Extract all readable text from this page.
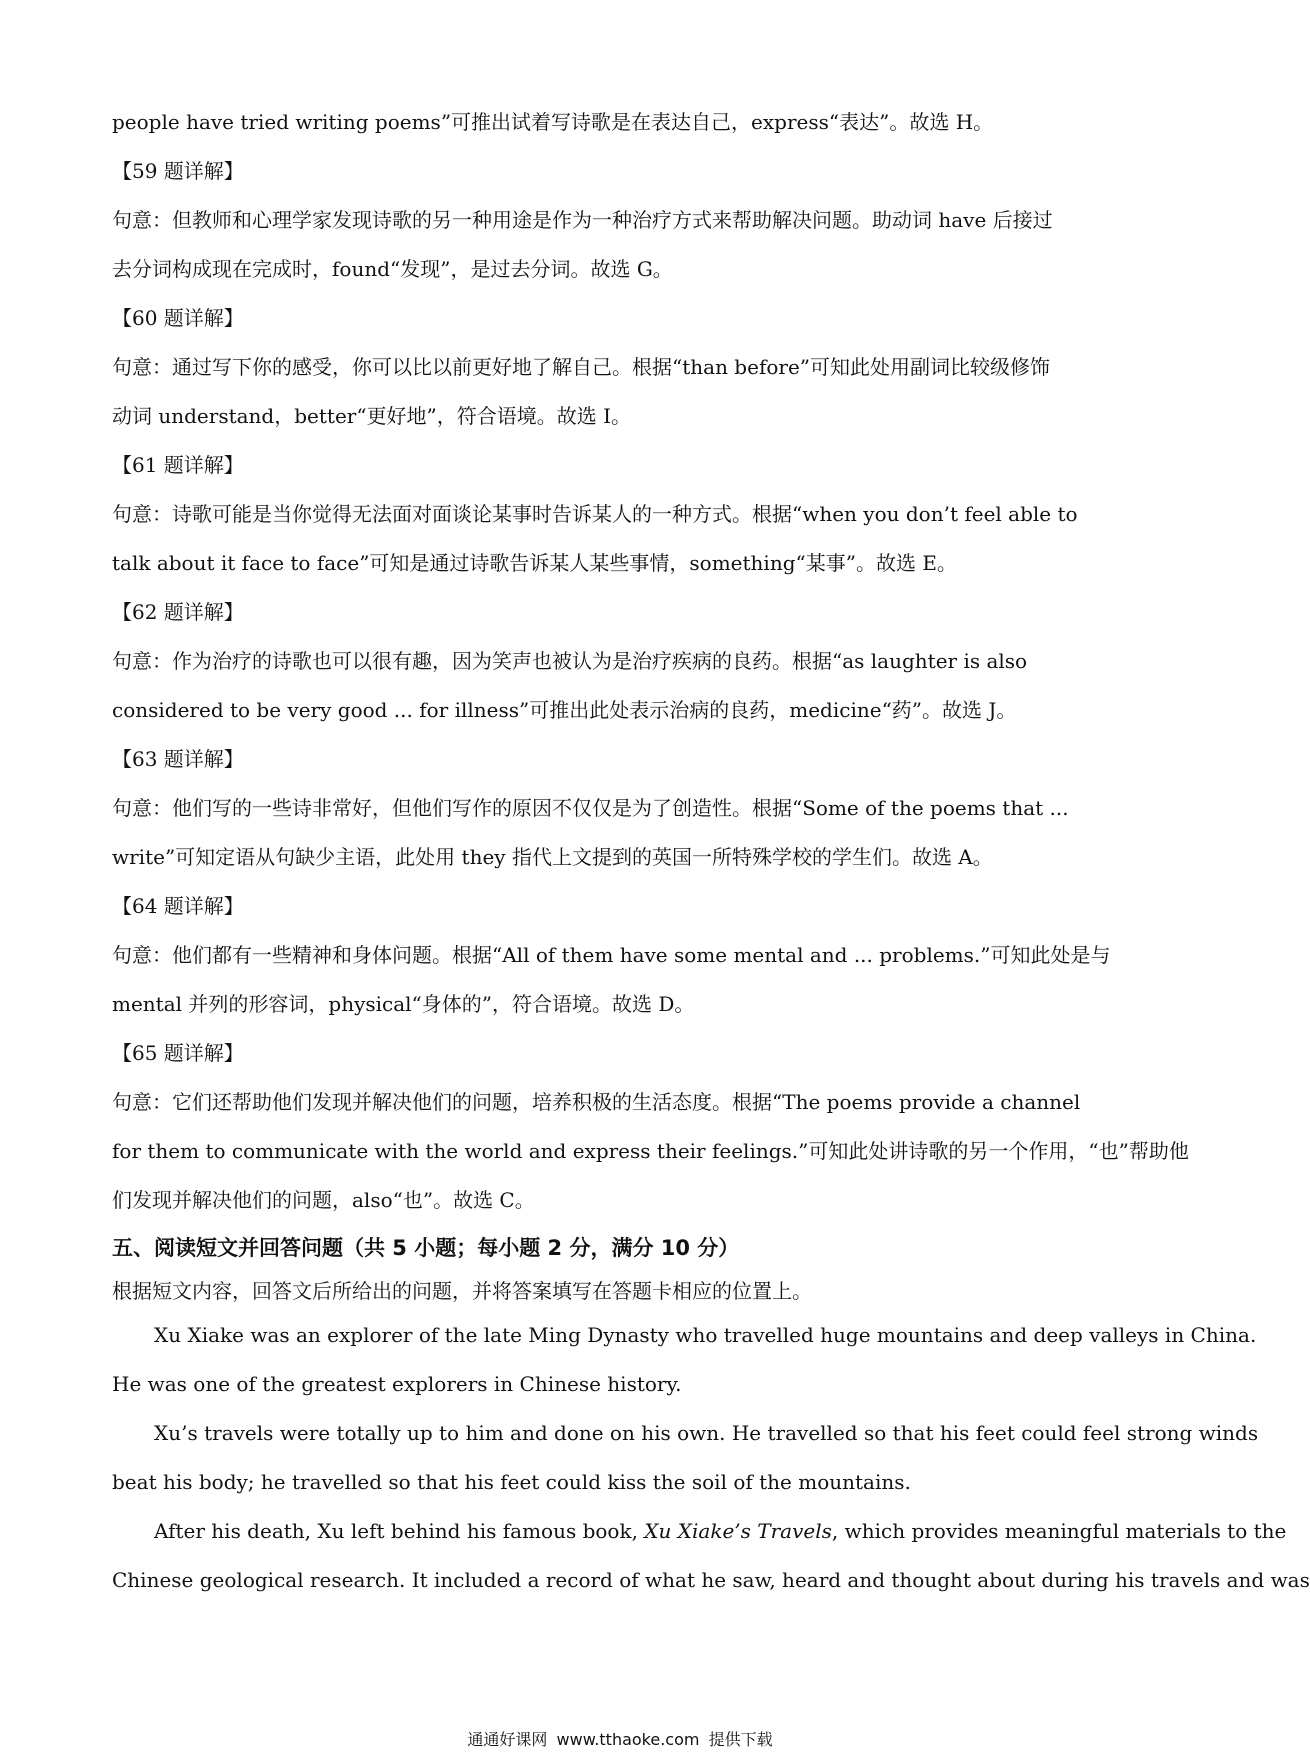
people have tried writing poems”可推出试着写诗歌是在表达自己，express“表达”。故选 H。

【59 题详解】

句意：但教师和心理学家发现诗歌的另一种用途是作为一种治疗方式来帮助解决问题。助动词 have 后接过

去分词构成现在完成时，found“发现”，是过去分词。故选 G。

【60 题详解】

句意：通过写下你的感受，你可以比以前更好地了解自己。根据“than before”可知此处用副词比较级修饰

动词 understand，better“更好地”，符合语境。故选 I。

【61 题详解】

句意：诗歌可能是当你觉得无法面对面谈论某事时告诉某人的一种方式。根据“when you don’t feel able to

talk about it face to face”可知是通过诗歌告诉某人某些事情，something“某事”。故选 E。

【62 题详解】

句意：作为治疗的诗歌也可以很有趣，因为笑声也被认为是治疗疾病的良药。根据“as laughter is also

considered to be very good ... for illness”可推出此处表示治病的良药，medicine“药”。故选 J。

【63 题详解】

句意：他们写的一些诗非常好，但他们写作的原因不仅仅是为了创造性。根据“Some of the poems that ...

write”可知定语从句缺少主语，此处用 they 指代上文提到的英国一所特殊学校的学生们。故选 A。

【64 题详解】

句意：他们都有一些精神和身体问题。根据“All of them have some mental and ... problems.”可知此处是与

mental 并列的形容词，physical“身体的”，符合语境。故选 D。

【65 题详解】

句意：它们还帮助他们发现并解决他们的问题，培养积极的生活态度。根据“The poems provide a channel

for them to communicate with the world and express their feelings.”可知此处讲诗歌的另一个作用，“也”帮助他

们发现并解决他们的问题，also“也”。故选 C。

五、阅读短文并回答问题（共 5 小题；每小题 2 分，满分 10 分）

根据短文内容，回答文后所给出的问题，并将答案填写在答题卡相应的位置上。

Xu Xiake was an explorer of the late Ming Dynasty who travelled huge mountains and deep valleys in China.

He was one of the greatest explorers in Chinese history.

Xu’s travels were totally up to him and done on his own. He travelled so that his feet could feel strong winds

beat his body; he travelled so that his feet could kiss the soil of the mountains.

After his death, Xu left behind his famous book, Xu Xiake’s Travels, which provides meaningful materials to the

Chinese geological research. It included a record of what he saw, heard and thought about during his travels and was

通通好课网 www.tthaoke.com 提供下载
